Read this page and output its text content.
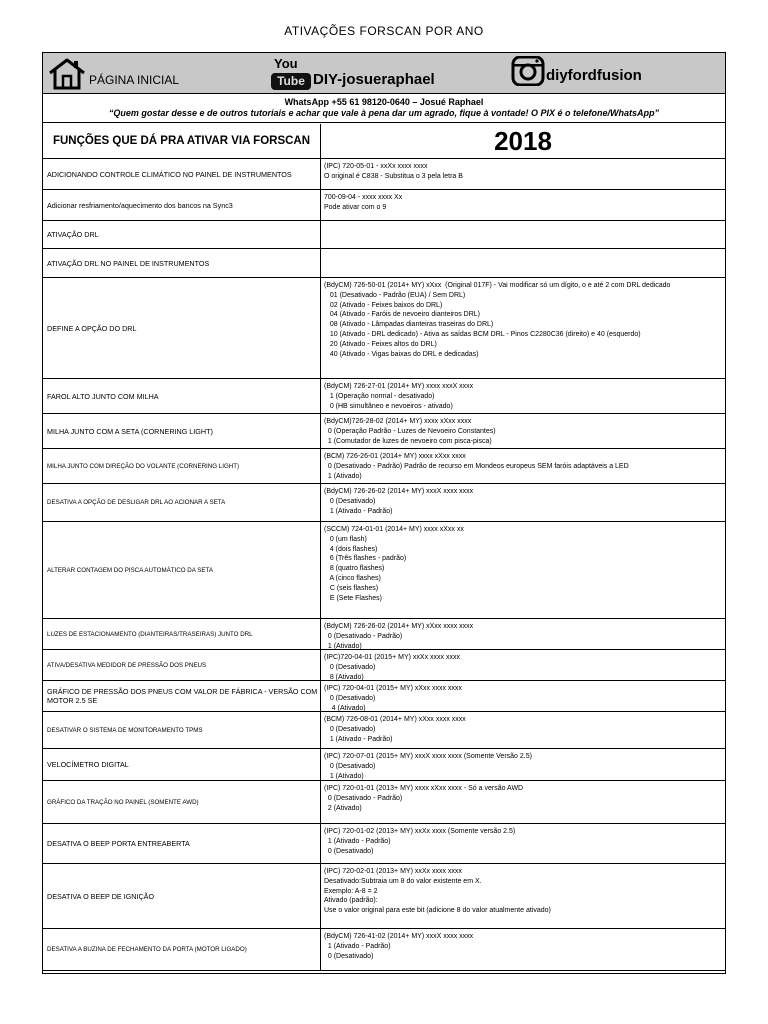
ATIVAÇÕES FORSCAN POR ANO
PÁGINA INICIAL
You
Tube DIY-josueraphael	diyfordfusion
WhatsApp +55 61 98120-0640 – Josué Raphael
“Quem gostar desse e de outros tutoriais e achar que vale à pena dar um agrado, fique à vontade! O PIX é o telefone/WhatsApp”
FUNÇÕES QUE DÁ PRA ATIVAR VIA FORSCAN	2018
ADICIONANDO CONTROLE CLIMÁTICO NO PAINEL DE INSTRUMENTOS
(IPC) 720-05-01 - xxXx xxxx xxxx
O original é C838 - Substitua o 3 pela letra B
Adicionar resfriamento/aquecimento dos bancos na Sync3
700-09-04 - xxxx xxxx Xx
Pode ativar com o 9
ATIVAÇÃO DRL
ATIVAÇÃO DRL NO PAINEL DE INSTRUMENTOS
DEFINE A OPÇÃO DO DRL
(BdyCM) 726-50-01 (2014+ MY) xXxx  (Original 017F) - Vai modificar só um dígito, o e até 2 com DRL dedicado
01 (Desativado - Padrão (EUA) / Sem DRL)
02 (Ativado - Feixes baixos do DRL)
04 (Ativado - Faróis de nevoeiro dianteiros DRL)
08 (Ativado - Lâmpadas dianteiras traseiras do DRL)
10 (Ativado - DRL dedicado) - Ativa as saídas BCM DRL - Pinos C2280C36 (direito) e 40 (esquerdo)
20 (Ativado - Feixes altos do DRL)
40 (Ativado - Vigas baixas do DRL e dedicadas)
FAROL ALTO JUNTO COM MILHA
(BdyCM) 726-27-01 (2014+ MY) xxxx xxxX xxxx
1 (Operação normal - desativado)
0 (HB simultâneo e nevoeiros - ativado)
MILHA JUNTO COM A SETA (CORNERING LIGHT)
(BdyCM)726-28-02 (2014+ MY) xxxx xXxx xxxx
0 (Operação Padrão - Luzes de Nevoeiro Constantes)
1 (Comutador de luzes de nevoeiro com pisca-pisca)
MILHA JUNTO COM DIREÇÃO DO VOLANTE (CORNERING LIGHT)
(BCM) 726-26-01 (2014+ MY) xxxx xXxx xxxx
0 (Desativado - Padrão) Padrão de recurso em Mondeos europeus SEM faróis adaptáveis a LED
1 (Ativado)
DESATIVA A OPÇÃO DE DESLIGAR DRL AO ACIONAR A SETA
(BdyCM) 726-26-02 (2014+ MY) xxxX xxxx xxxx
0 (Desativado)
1 (Ativado - Padrão)
ALTERAR CONTAGEM DO PISCA AUTOMÁTICO DA SETA
(SCCM) 724-01-01 (2014+ MY) xxxx xXxx xx
0 (um flash)
4 (dois flashes)
6 (Três flashes - padrão)
8 (quatro flashes)
A (cinco flashes)
C (seis flashes)
E (Sete Flashes)
LUZES DE ESTACIONAMENTO (DIANTEIRAS/TRASEIRAS) JUNTO DRL
(BdyCM) 726-26-02 (2014+ MY) xXxx xxxx xxxx
0 (Desativado - Padrão)
1 (Ativado)
ATIVA/DESATIVA MEDIDOR DE PRESSÃO DOS PNEUS
(IPC)720-04-01 (2015+ MY) xxXx xxxx xxxx
0 (Desativado)
8 (Ativado)
GRÁFICO DE PRESSÃO DOS PNEUS COM VALOR DE FÁBRICA - VERSÃO COM MOTOR 2.5 SE
(IPC) 720-04-01 (2015+ MY) xXxx xxxx xxxx
0 (Desativado)
4 (Ativado)
DESATIVAR O SISTEMA DE MONITORAMENTO TPMS
(BCM) 726-08-01 (2014+ MY) xXxx xxxx xxxx
0 (Desativado)
1 (Ativado - Padrão)
VELOCÍMETRO DIGITAL
(IPC) 720-07-01 (2015+ MY) xxxX xxxx xxxx (Somente Versão 2.5)
0 (Desativado)
1 (Ativado)
GRÁFICO DA TRAÇÃO NO PAINEL (SOMENTE AWD)
(IPC) 720-01-01 (2013+ MY) xxxx xXxx xxxx - Só a versão AWD
0 (Desativado - Padrão)
2 (Ativado)
DESATIVA O BEEP PORTA ENTREABERTA
(IPC) 720-01-02 (2013+ MY) xxXx xxxx (Somente versão 2.5)
1 (Ativado - Padrão)
0 (Desativado)
DESATIVA O BEEP DE IGNIÇÃO
(IPC) 720-02-01 (2013+ MY) xxXx xxxx xxxx
Desativado:Subtraia um 8 do valor existente em X.
Exemplo: A-8 = 2
Ativado (padrão):
Use o valor original para este bit (adicione 8 do valor atualmente ativado)
DESATIVA A BUZINA DE FECHAMENTO DA PORTA (MOTOR LIGADO)
(BdyCM) 726-41-02 (2014+ MY) xxxX xxxx xxxx
1 (Ativado - Padrão)
0 (Desativado)
